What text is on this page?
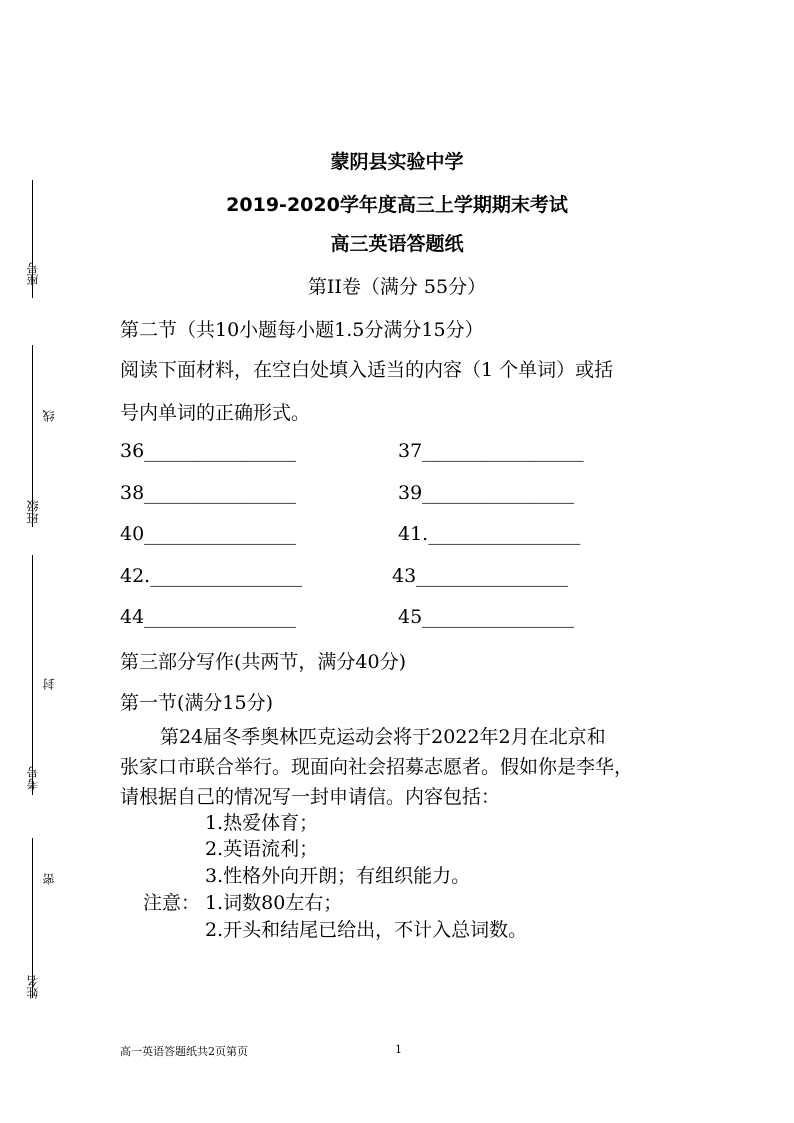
座号
线
班级
封
考号
密
姓名
蒙阴县实验中学
2019-2020学年度高三上学期期末考试
高三英语答题纸
第II卷（满分 55分）
第二节（共10小题每小题1.5分满分15分）
阅读下面材料，在空白处填入适当的内容（1 个单词）或括
号内单词的正确形式。
36________________	37_________________
38________________	39________________
40________________	41.________________
42.________________	43________________
44________________	45________________
第三部分写作(共两节，满分40分)
第一节(满分15分)
第24届冬季奥林匹克运动会将于2022年2月在北京和
张家口市联合举行。现面向社会招募志愿者。假如你是李华，
请根据自己的情况写一封申请信。内容包括：
1.热爱体育；
2.英语流利；
3.性格外向开朗；有组织能力。
注意： 1.词数80左右；
2.开头和结尾已给出，不计入总词数。
高一英语答题纸共2页第页	1
